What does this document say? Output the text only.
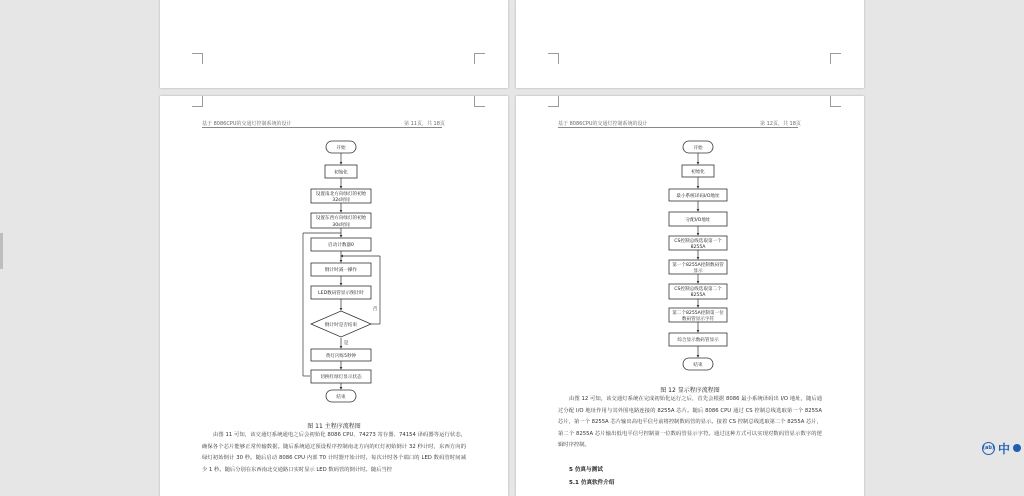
基于 8086CPU的交通灯控制系统的设计	第 11页，共 18页
开始
初始化
设置南北方向绿灯的初始
32s时间
设置东西方向绿灯的初始
30s时间
启动计数器0
倒计时减一操作
LED数码管显示倒计时
倒计时是否结束
否
是
黄灯闪烁5秒钟
切换红绿灯显示状态
结束
图 11 主程序流程图

由图 11 可知，该交通灯系统通电之后会初始化 8086 CPU、74273 寄存器、74154 译码器等运行状态，确保各个芯片能够正常传输数据。随后系统通过预设程序控制南北方向的红灯初始倒计 32 秒计时，东西方向的绿灯初始倒计 30 秒。随后启动 8086 CPU 内部 T0 计时器开始计时，每次计时各个端口的 LED 数码管时间减少 1 秒。随后分别在东西南北交通路口实时显示 LED 数码管的倒计时。随后当控

基于 8086CPU的交通灯控制系统的设计	第 12页，共 18页
开始
初始化
最小系统译码I/O地址
分配I/O地址
CS控制总线选取第一个
8255A
第一个8255A控制数码管
显示
CS控制总线选取第二个
8255A
第二个8255A控制第一位
数码管显示字符
综合显示数码管显示
结束
图 12 显示程序流程图

由图 12 可知，该交通灯系统在完成初始化运行之后，首先会根据 8086 最小系统译码出 I/O 地址，随后通过分配 I/O 地址作用与其外围电路连接的 8255A 芯片。随后 8086 CPU 通过 CS 控制总线选取第一个 8255A 芯片，第一个 8255A 芯片输出高电平信号前将控制数码管的显示。接着 CS 控制总线选取第二个 8255A 芯片，第二个 8255A 芯片输出低电平信号控制第一位数码管显示字符。通过这种方式可以实现对数码管显示数字的逻辑时序控制。

5 仿真与测试
5.1 仿真软件介绍
(ab) 中
